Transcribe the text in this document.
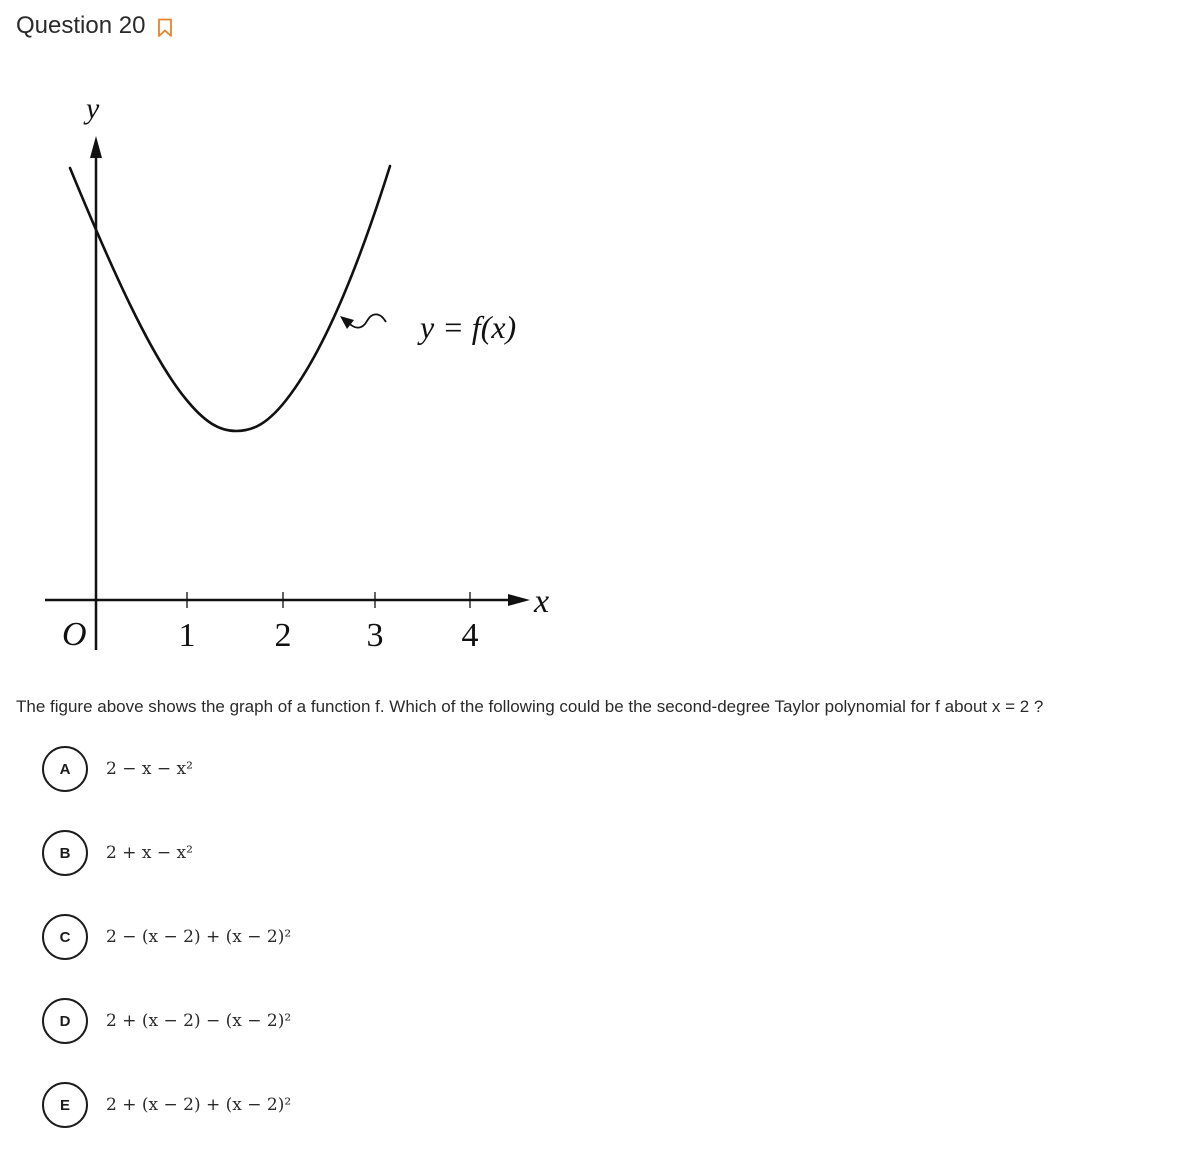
Question 20
y
x
O	1 2 3 4
y = f(x)
The figure above shows the graph of a function f. Which of the following could be the second-degree Taylor polynomial for f about x = 2 ?
A	2 − x − x²
B	2 + x − x²
C	2 − (x − 2) + (x − 2)²
D	2 + (x − 2) − (x − 2)²
E	2 + (x − 2) + (x − 2)²
